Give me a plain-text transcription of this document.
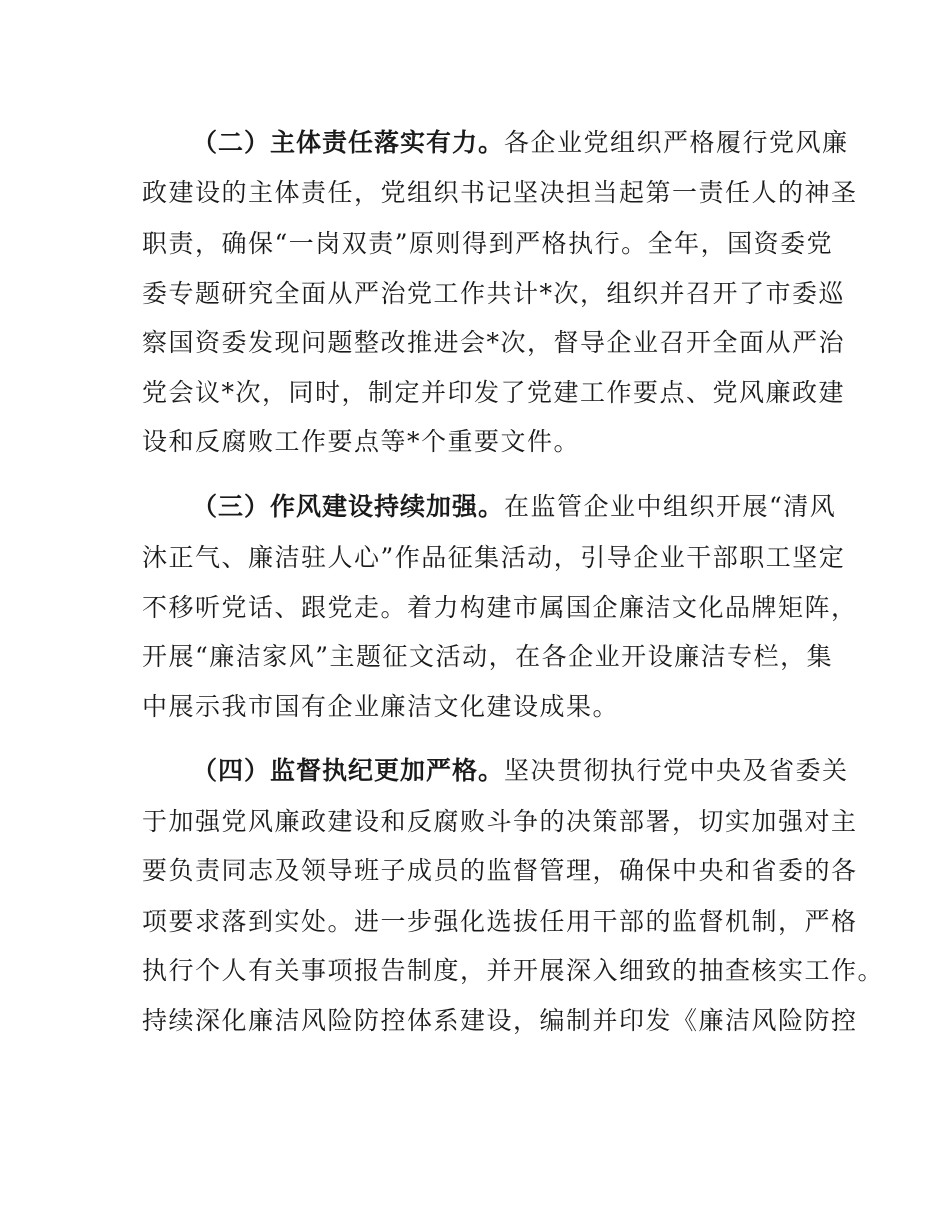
（二）主体责任落实有力。各企业党组织严格履行党风廉
政建设的主体责任，党组织书记坚决担当起第一责任人的神圣
职责，确保“一岗双责”原则得到严格执行。全年，国资委党
委专题研究全面从严治党工作共计*次，组织并召开了市委巡
察国资委发现问题整改推进会*次，督导企业召开全面从严治
党会议*次，同时，制定并印发了党建工作要点、党风廉政建
设和反腐败工作要点等*个重要文件。
（三）作风建设持续加强。在监管企业中组织开展“清风
沐正气、廉洁驻人心”作品征集活动，引导企业干部职工坚定
不移听党话、跟党走。着力构建市属国企廉洁文化品牌矩阵，
开展“廉洁家风”主题征文活动，在各企业开设廉洁专栏，集
中展示我市国有企业廉洁文化建设成果。
（四）监督执纪更加严格。坚决贯彻执行党中央及省委关
于加强党风廉政建设和反腐败斗争的决策部署，切实加强对主
要负责同志及领导班子成员的监督管理，确保中央和省委的各
项要求落到实处。进一步强化选拔任用干部的监督机制，严格
执行个人有关事项报告制度，并开展深入细致的抽查核实工作。
持续深化廉洁风险防控体系建设，编制并印发《廉洁风险防控
